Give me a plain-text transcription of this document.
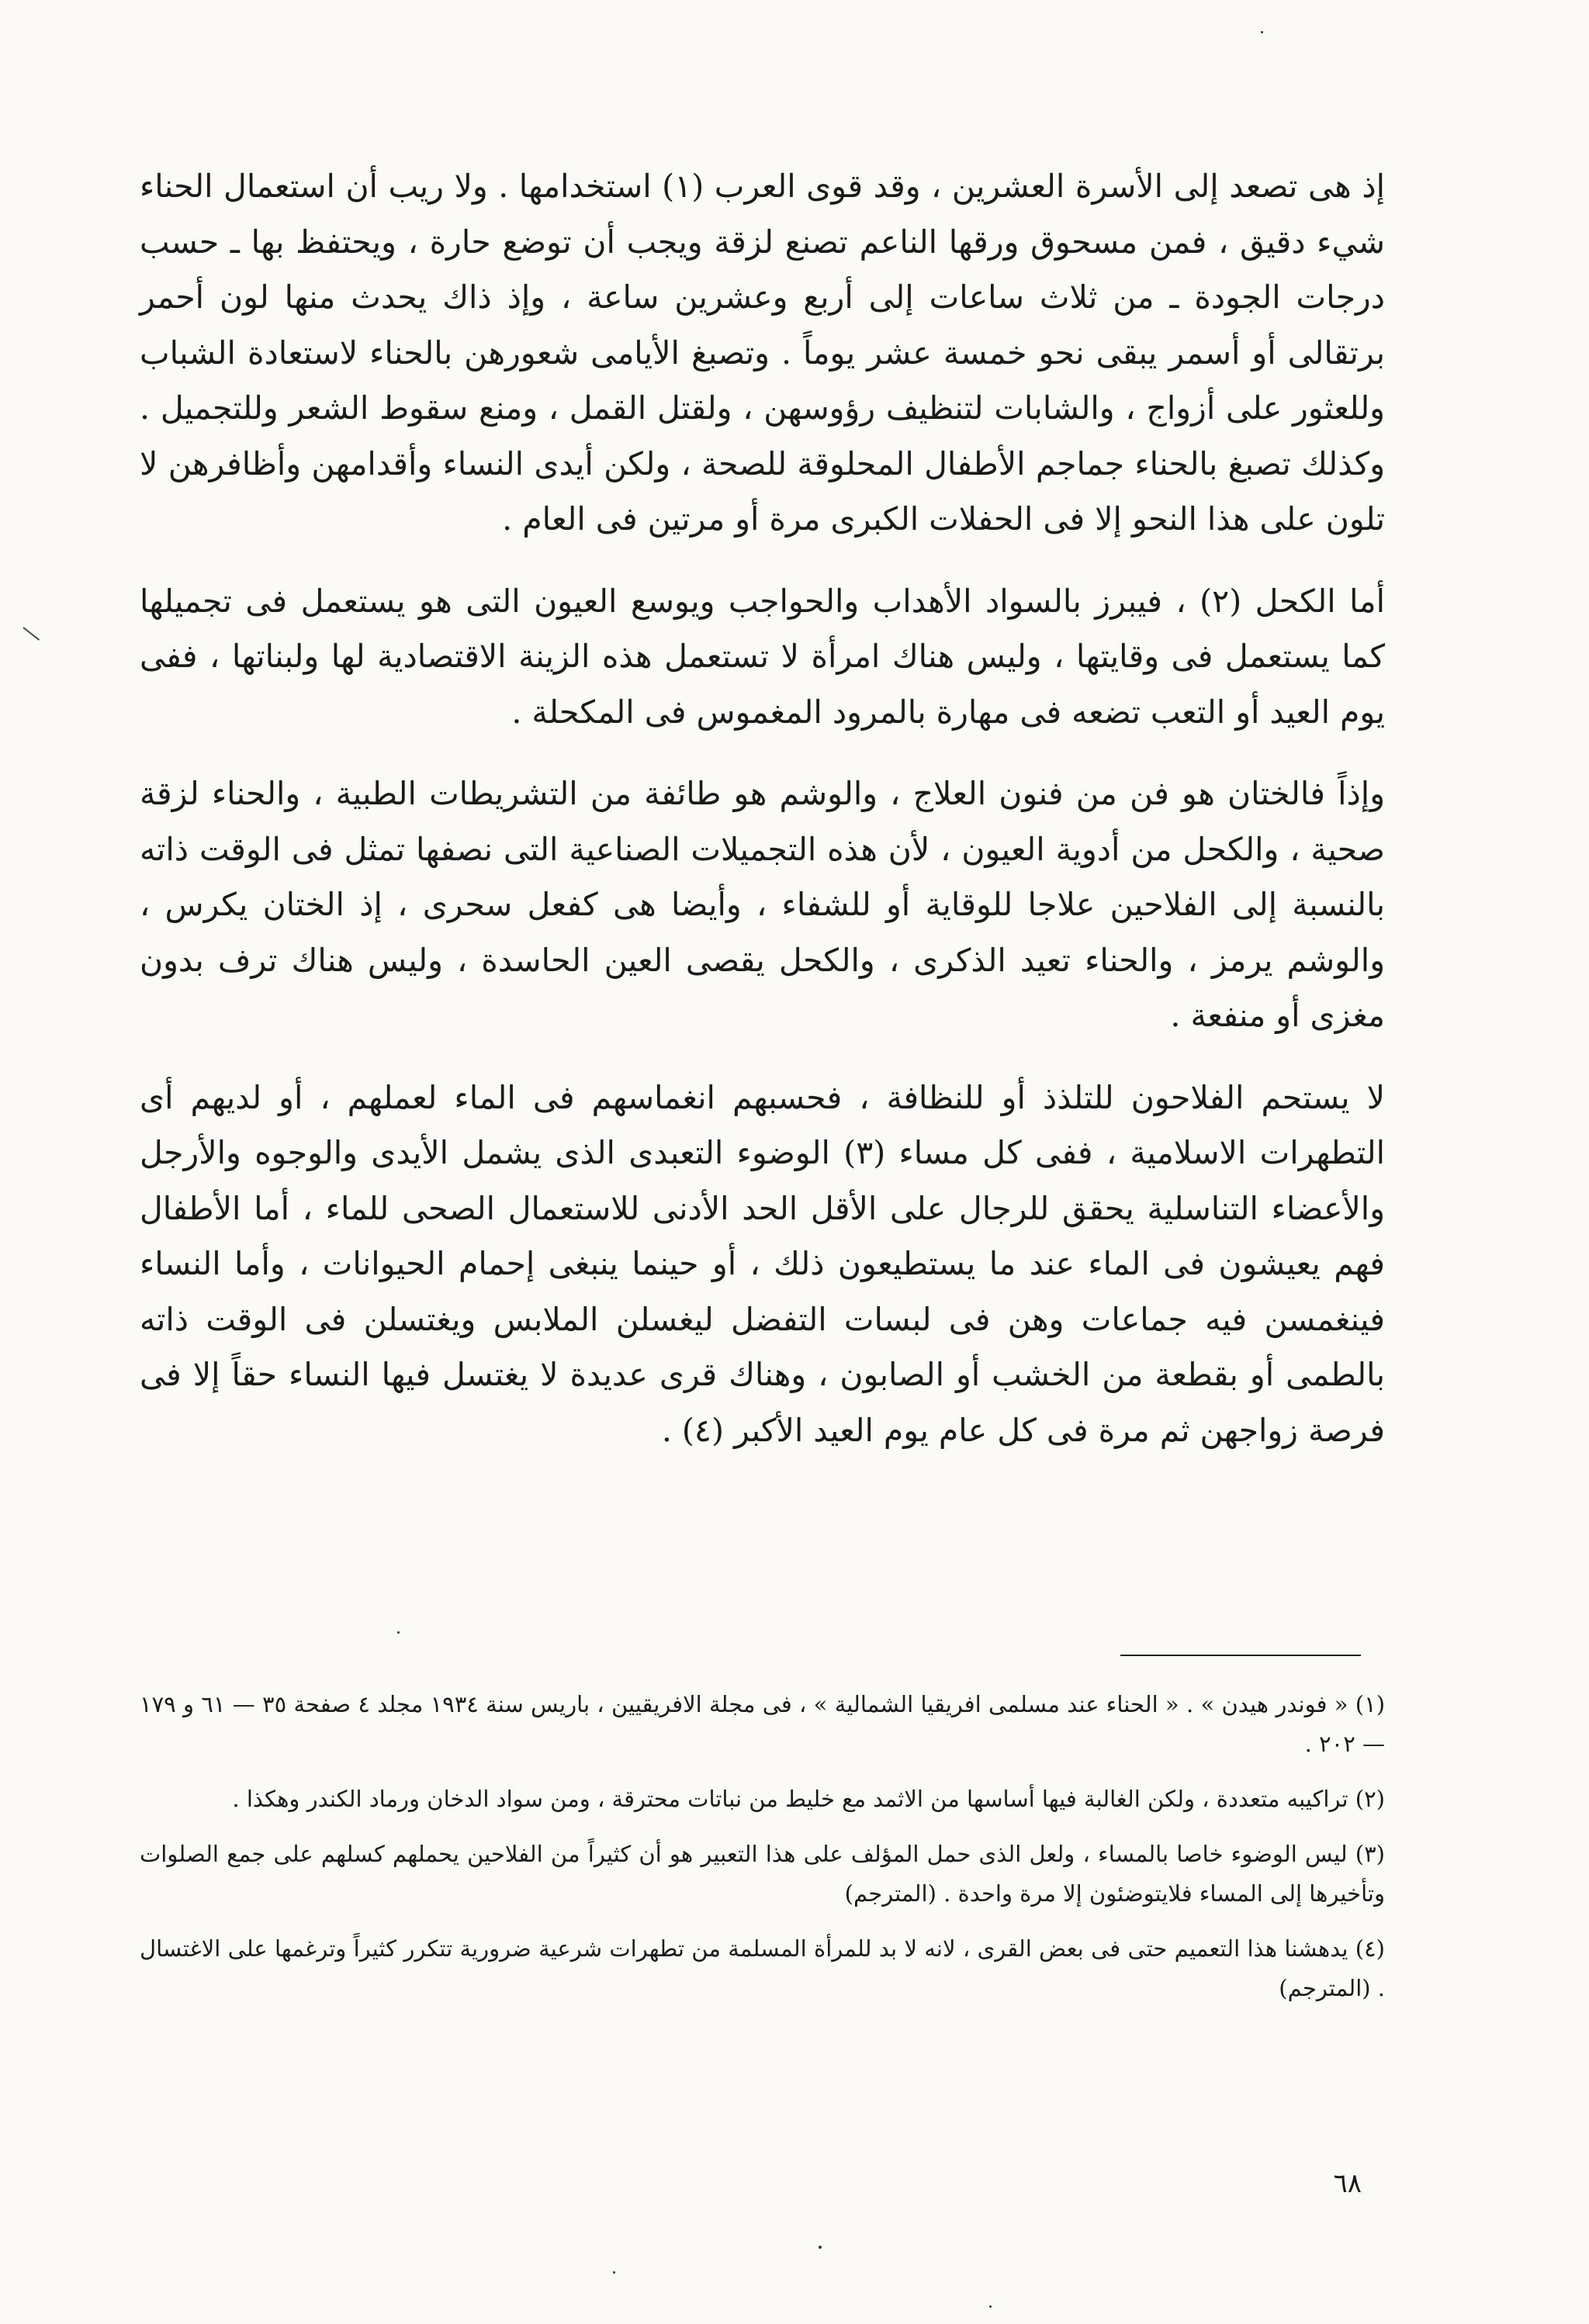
إذ هى تصعد إلى الأسرة العشرين ، وقد قوى العرب (١) استخدامها . ولا ريب أن استعمال الحناء شيء دقيق ، فمن مسحوق ورقها الناعم تصنع لزقة ويجب أن توضع حارة ، ويحتفظ بها ـ حسب درجات الجودة ـ من ثلاث ساعات إلى أربع وعشرين ساعة ، وإذ ذاك يحدث منها لون أحمر برتقالى أو أسمر يبقى نحو خمسة عشر يوماً . وتصبغ الأيامى شعورهن بالحناء لاستعادة الشباب وللعثور على أزواج ، والشابات لتنظيف رؤوسهن ، ولقتل القمل ، ومنع سقوط الشعر وللتجميل . وكذلك تصبغ بالحناء جماجم الأطفال المحلوقة للصحة ، ولكن أيدى النساء وأقدامهن وأظافرهن لا تلون على هذا النحو إلا فى الحفلات الكبرى مرة أو مرتين فى العام .

أما الكحل (٢) ، فيبرز بالسواد الأهداب والحواجب ويوسع العيون التى هو يستعمل فى تجميلها كما يستعمل فى وقايتها ، وليس هناك امرأة لا تستعمل هذه الزينة الاقتصادية لها ولبناتها ، ففى يوم العيد أو التعب تضعه فى مهارة بالمرود المغموس فى المكحلة .

وإذاً فالختان هو فن من فنون العلاج ، والوشم هو طائفة من التشريطات الطبية ، والحناء لزقة صحية ، والكحل من أدوية العيون ، لأن هذه التجميلات الصناعية التى نصفها تمثل فى الوقت ذاته بالنسبة إلى الفلاحين علاجا للوقاية أو للشفاء ، وأيضا هى كفعل سحرى ، إذ الختان يكرس ، والوشم يرمز ، والحناء تعيد الذكرى ، والكحل يقصى العين الحاسدة ، وليس هناك ترف بدون مغزى أو منفعة .

لا يستحم الفلاحون للتلذذ أو للنظافة ، فحسبهم انغماسهم فى الماء لعملهم ، أو لديهم أى التطهرات الاسلامية ، ففى كل مساء (٣) الوضوء التعبدى الذى يشمل الأيدى والوجوه والأرجل والأعضاء التناسلية يحقق للرجال على الأقل الحد الأدنى للاستعمال الصحى للماء ، أما الأطفال فهم يعيشون فى الماء عند ما يستطيعون ذلك ، أو حينما ينبغى إحمام الحيوانات ، وأما النساء فينغمسن فيه جماعات وهن فى لبسات التفضل ليغسلن الملابس ويغتسلن فى الوقت ذاته بالطمى أو بقطعة من الخشب أو الصابون ، وهناك قرى عديدة لا يغتسل فيها النساء حقاً إلا فى فرصة زواجهن ثم مرة فى كل عام يوم العيد الأكبر (٤) .

(١) « فوندر هيدن » . « الحناء عند مسلمى افريقيا الشمالية » ، فى مجلة الافريقيين ، باريس سنة ١٩٣٤ مجلد ٤ صفحة ٣٥ — ٦١ و ١٧٩ — ٢٠٢ .

(٢) تراكيبه متعددة ، ولكن الغالبة فيها أساسها من الاثمد مع خليط من نباتات محترقة ، ومن سواد الدخان ورماد الكندر وهكذا .

(٣) ليس الوضوء خاصا بالمساء ، ولعل الذى حمل المؤلف على هذا التعبير هو أن كثيراً من الفلاحين يحملهم كسلهم على جمع الصلوات وتأخيرها إلى المساء فلايتوضئون إلا مرة واحدة . (المترجم)

(٤) يدهشنا هذا التعميم حتى فى بعض القرى ، لانه لا بد للمرأة المسلمة من تطهرات شرعية ضرورية تتكرر كثيراً وترغمها على الاغتسال . (المترجم)

٦٨
